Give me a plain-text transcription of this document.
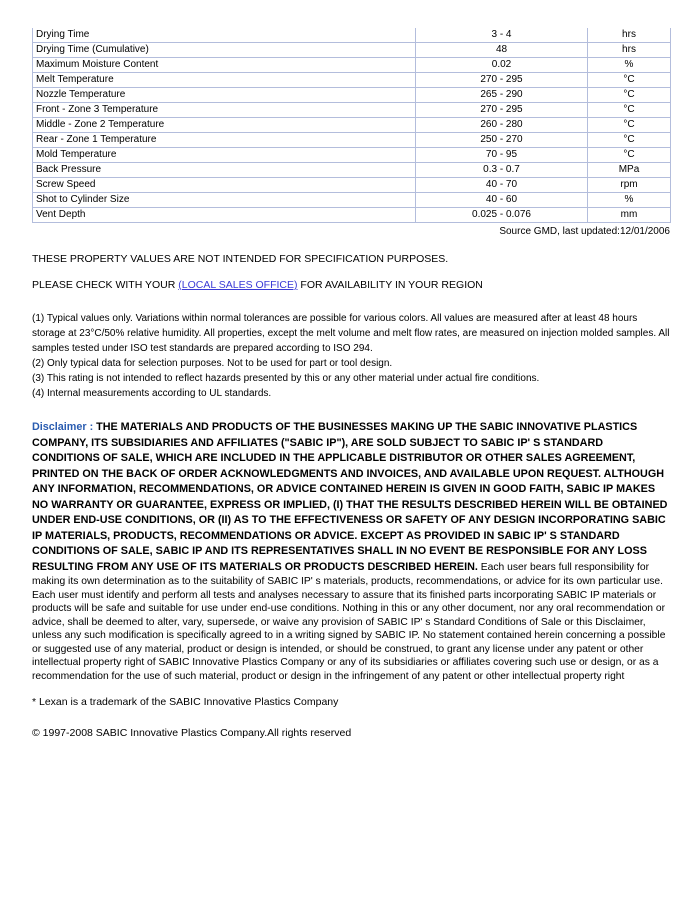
Drying Time	3 - 4	hrs
Drying Time (Cumulative)	48	hrs
Maximum Moisture Content	0.02	%
Melt Temperature	270 - 295	°C
Nozzle Temperature	265 - 290	°C
Front - Zone 3 Temperature	270 - 295	°C
Middle - Zone 2 Temperature	260 - 280	°C
Rear - Zone 1 Temperature	250 - 270	°C
Mold Temperature	70 - 95	°C
Back Pressure	0.3 - 0.7	MPa
Screw Speed	40 - 70	rpm
Shot to Cylinder Size	40 - 60	%
Vent Depth	0.025 - 0.076	mm
Source GMD, last updated:12/01/2006
THESE PROPERTY VALUES ARE NOT INTENDED FOR SPECIFICATION PURPOSES.
PLEASE CHECK WITH YOUR (LOCAL SALES OFFICE) FOR AVAILABILITY IN YOUR REGION
(1) Typical values only. Variations within normal tolerances are possible for various colors. All values are measured after at least 48 hours storage at 23°C/50% relative humidity. All properties, except the melt volume and melt flow rates, are measured on injection molded samples. All samples tested under ISO test standards are prepared according to ISO 294.
(2) Only typical data for selection purposes. Not to be used for part or tool design.
(3) This rating is not intended to reflect hazards presented by this or any other material under actual fire conditions.
(4) Internal measurements according to UL standards.

Disclaimer : THE MATERIALS AND PRODUCTS OF THE BUSINESSES MAKING UP THE SABIC INNOVATIVE PLASTICS COMPANY, ITS SUBSIDIARIES AND AFFILIATES ("SABIC IP"), ARE SOLD SUBJECT TO SABIC IP' S STANDARD CONDITIONS OF SALE, WHICH ARE INCLUDED IN THE APPLICABLE DISTRIBUTOR OR OTHER SALES AGREEMENT, PRINTED ON THE BACK OF ORDER ACKNOWLEDGMENTS AND INVOICES, AND AVAILABLE UPON REQUEST. ALTHOUGH ANY INFORMATION, RECOMMENDATIONS, OR ADVICE CONTAINED HEREIN IS GIVEN IN GOOD FAITH, SABIC IP MAKES NO WARRANTY OR GUARANTEE, EXPRESS OR IMPLIED, (I) THAT THE RESULTS DESCRIBED HEREIN WILL BE OBTAINED UNDER END-USE CONDITIONS, OR (II) AS TO THE EFFECTIVENESS OR SAFETY OF ANY DESIGN INCORPORATING SABIC IP MATERIALS, PRODUCTS, RECOMMENDATIONS OR ADVICE. EXCEPT AS PROVIDED IN SABIC IP' S STANDARD CONDITIONS OF SALE, SABIC IP AND ITS REPRESENTATIVES SHALL IN NO EVENT BE RESPONSIBLE FOR ANY LOSS RESULTING FROM ANY USE OF ITS MATERIALS OR PRODUCTS DESCRIBED HEREIN. Each user bears full responsibility for making its own determination as to the suitability of SABIC IP' s materials, products, recommendations, or advice for its own particular use. Each user must identify and perform all tests and analyses necessary to assure that its finished parts incorporating SABIC IP materials or products will be safe and suitable for use under end-use conditions. Nothing in this or any other document, nor any oral recommendation or advice, shall be deemed to alter, vary, supersede, or waive any provision of SABIC IP' s Standard Conditions of Sale or this Disclaimer, unless any such modification is specifically agreed to in a writing signed by SABIC IP. No statement contained herein concerning a possible or suggested use of any material, product or design is intended, or should be construed, to grant any license under any patent or other intellectual property right of SABIC Innovative Plastics Company or any of its subsidiaries or affiliates covering such use or design, or as a recommendation for the use of such material, product or design in the infringement of any patent or other intellectual property right

* Lexan is a trademark of the SABIC Innovative Plastics Company
© 1997-2008 SABIC Innovative Plastics Company.All rights reserved
